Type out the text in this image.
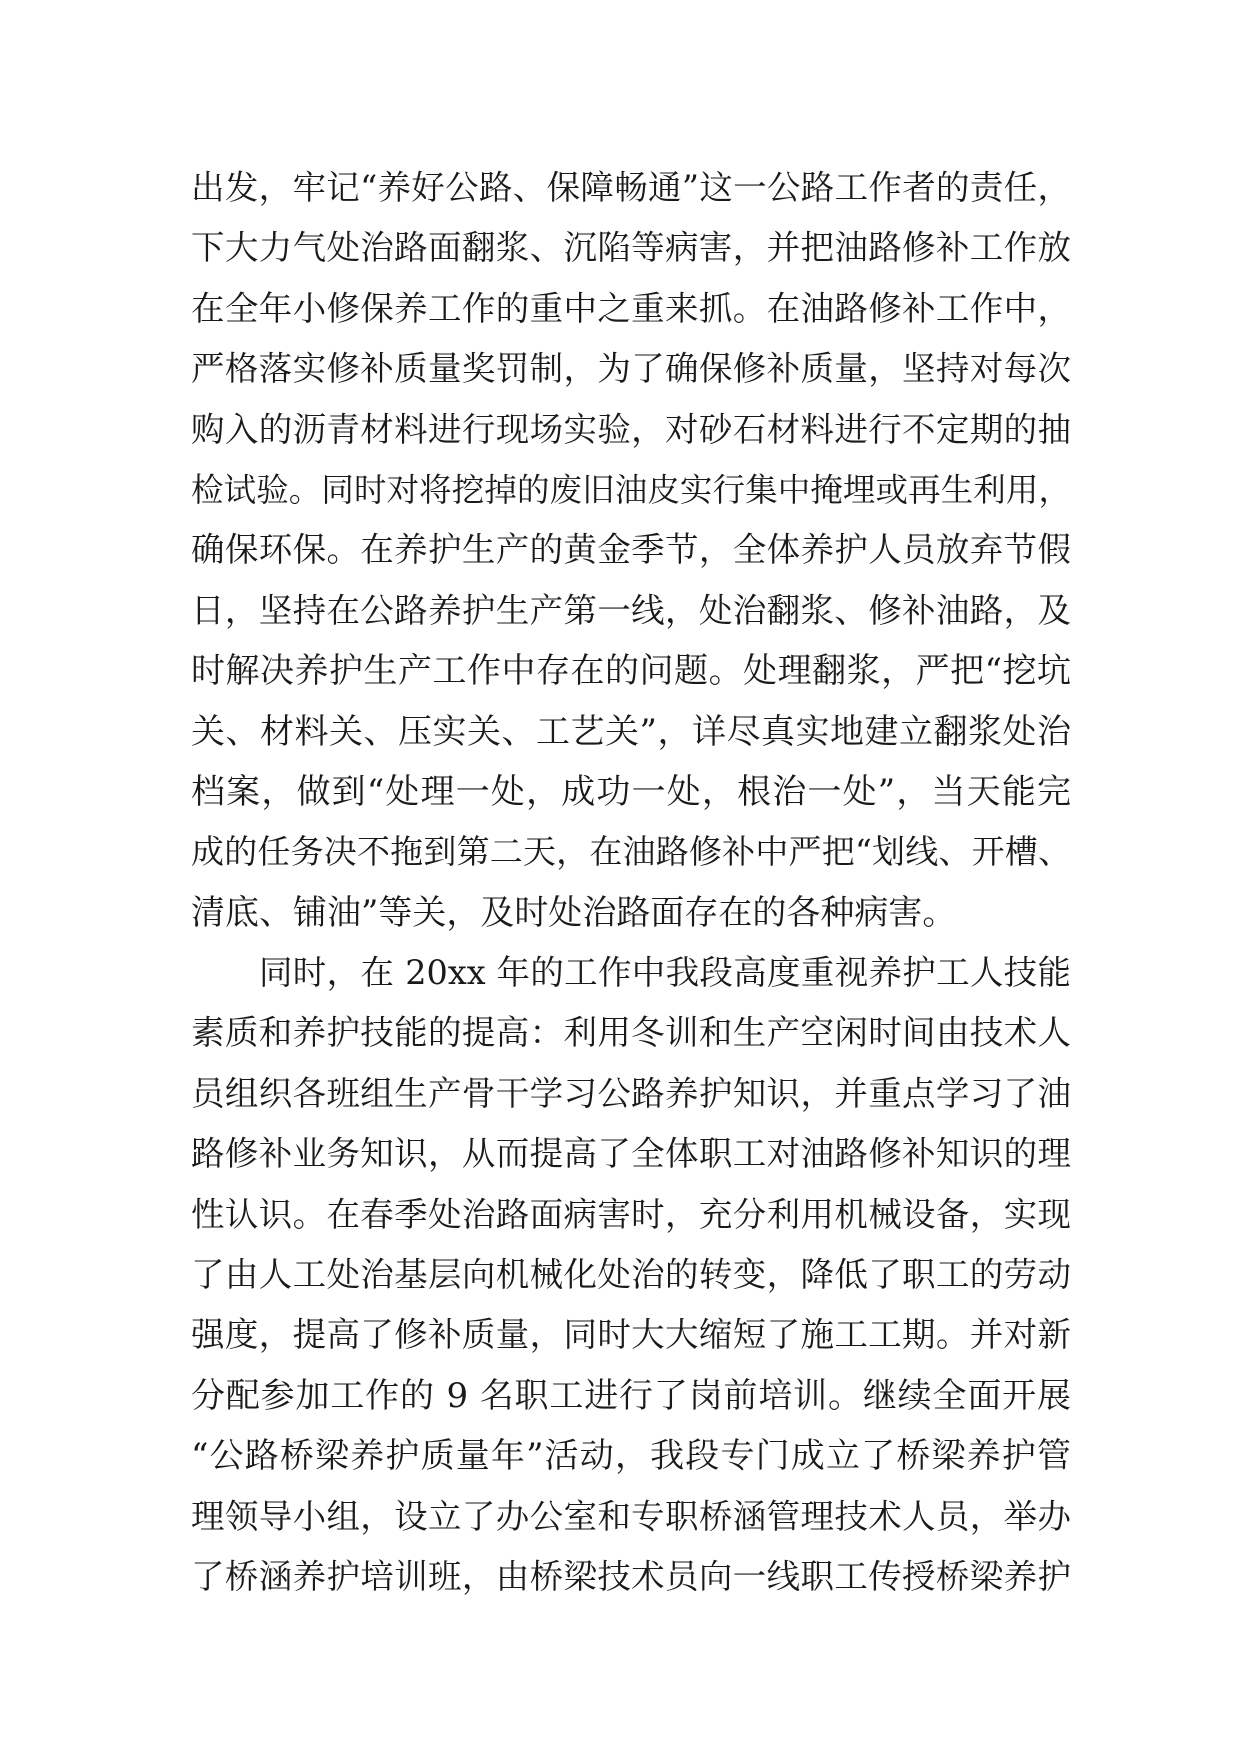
出发，牢记“养好公路、保障畅通”这一公路工作者的责任，
下大力气处治路面翻浆、沉陷等病害，并把油路修补工作放
在全年小修保养工作的重中之重来抓。在油路修补工作中，
严格落实修补质量奖罚制，为了确保修补质量，坚持对每次
购入的沥青材料进行现场实验，对砂石材料进行不定期的抽
检试验。同时对将挖掉的废旧油皮实行集中掩埋或再生利用，
确保环保。在养护生产的黄金季节，全体养护人员放弃节假
日，坚持在公路养护生产第一线，处治翻浆、修补油路，及
时解决养护生产工作中存在的问题。处理翻浆，严把“挖坑
关、材料关、压实关、工艺关”，详尽真实地建立翻浆处治
档案，做到“处理一处，成功一处，根治一处”，当天能完
成的任务决不拖到第二天，在油路修补中严把“划线、开槽、
清底、铺油”等关，及时处治路面存在的各种病害。
同时，在 20xx 年的工作中我段高度重视养护工人技能
素质和养护技能的提高：利用冬训和生产空闲时间由技术人
员组织各班组生产骨干学习公路养护知识，并重点学习了油
路修补业务知识，从而提高了全体职工对油路修补知识的理
性认识。在春季处治路面病害时，充分利用机械设备，实现
了由人工处治基层向机械化处治的转变，降低了职工的劳动
强度，提高了修补质量，同时大大缩短了施工工期。并对新
分配参加工作的 9 名职工进行了岗前培训。继续全面开展
“公路桥梁养护质量年”活动，我段专门成立了桥梁养护管
理领导小组，设立了办公室和专职桥涵管理技术人员，举办
了桥涵养护培训班，由桥梁技术员向一线职工传授桥梁养护
